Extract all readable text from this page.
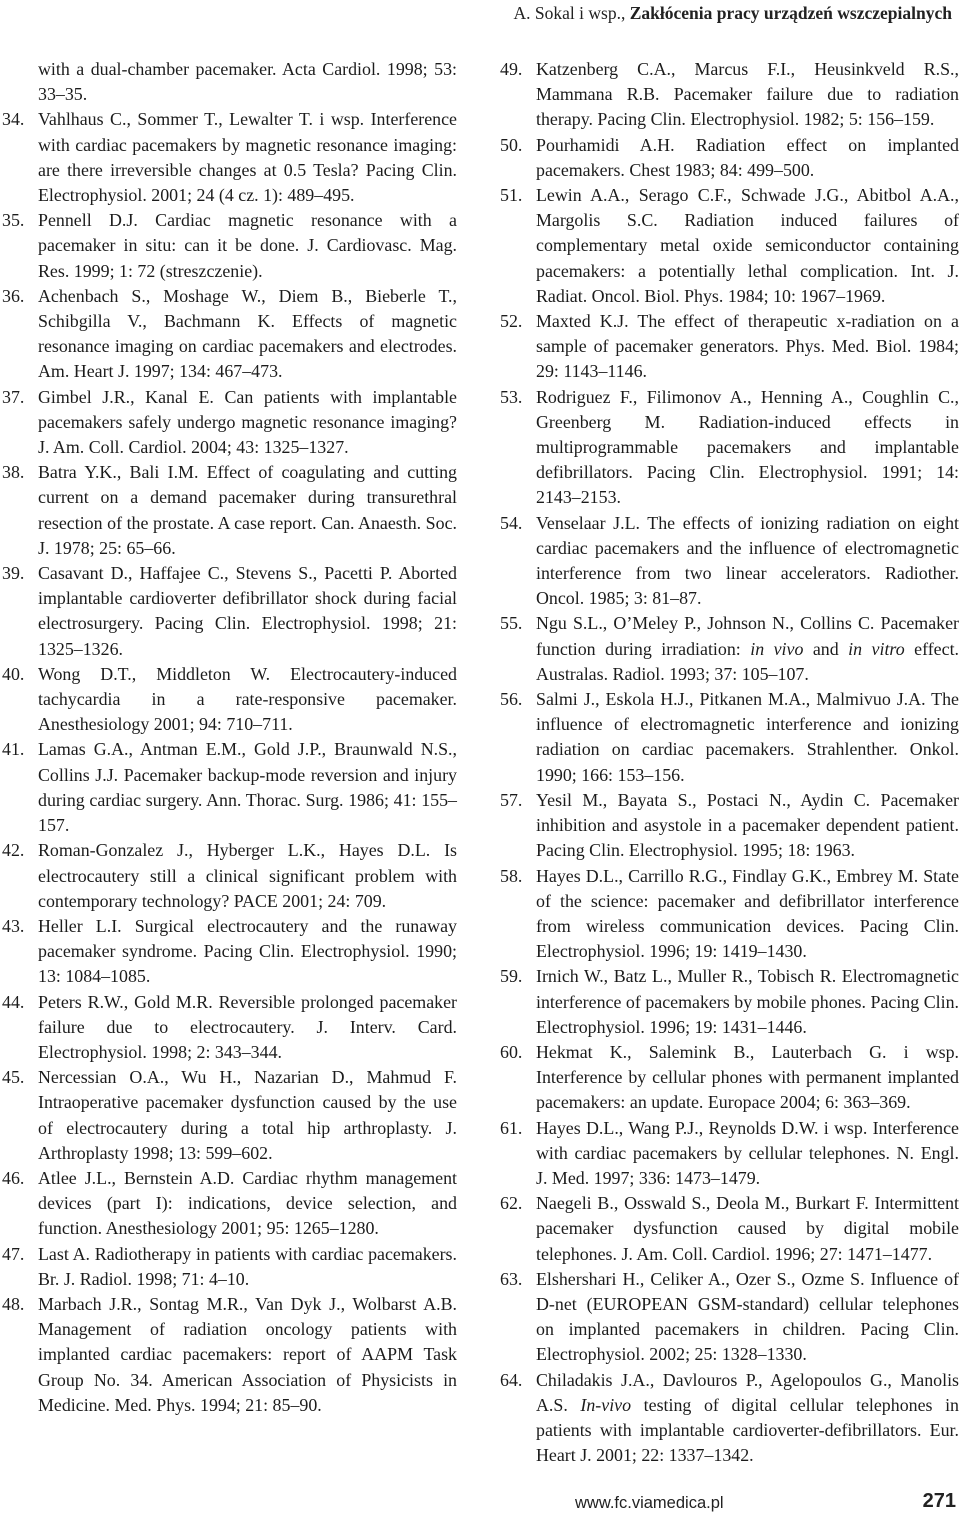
A. Sokal i wsp., Zakłócenia pracy urządzeń wszczepialnych
with a dual-chamber pacemaker. Acta Cardiol. 1998; 53: 33–35.
34. Vahlhaus C., Sommer T., Lewalter T. i wsp. Interference with cardiac pacemakers by magnetic resonance imaging: are there irreversible changes at 0.5 Tesla? Pacing Clin. Electrophysiol. 2001; 24 (4 cz. 1): 489–495.
35. Pennell D.J. Cardiac magnetic resonance with a pacemaker in situ: can it be done. J. Cardiovasc. Mag. Res. 1999; 1: 72 (streszczenie).
36. Achenbach S., Moshage W., Diem B., Bieberle T., Schibgilla V., Bachmann K. Effects of magnetic resonance imaging on cardiac pacemakers and electrodes. Am. Heart J. 1997; 134: 467–473.
37. Gimbel J.R., Kanal E. Can patients with implantable pacemakers safely undergo magnetic resonance imaging? J. Am. Coll. Cardiol. 2004; 43: 1325–1327.
38. Batra Y.K., Bali I.M. Effect of coagulating and cutting current on a demand pacemaker during transurethral resection of the prostate. A case report. Can. Anaesth. Soc. J. 1978; 25: 65–66.
39. Casavant D., Haffajee C., Stevens S., Pacetti P. Aborted implantable cardioverter defibrillator shock during facial electrosurgery. Pacing Clin. Electrophysiol. 1998; 21: 1325–1326.
40. Wong D.T., Middleton W. Electrocautery-induced tachycardia in a rate-responsive pacemaker. Anesthesiology 2001; 94: 710–711.
41. Lamas G.A., Antman E.M., Gold J.P., Braunwald N.S., Collins J.J. Pacemaker backup-mode reversion and injury during cardiac surgery. Ann. Thorac. Surg. 1986; 41: 155–157.
42. Roman-Gonzalez J., Hyberger L.K., Hayes D.L. Is electrocautery still a clinical significant problem with contemporary technology? PACE 2001; 24: 709.
43. Heller L.I. Surgical electrocautery and the runaway pacemaker syndrome. Pacing Clin. Electrophysiol. 1990; 13: 1084–1085.
44. Peters R.W., Gold M.R. Reversible prolonged pacemaker failure due to electrocautery. J. Interv. Card. Electrophysiol. 1998; 2: 343–344.
45. Nercessian O.A., Wu H., Nazarian D., Mahmud F. Intraoperative pacemaker dysfunction caused by the use of electrocautery during a total hip arthroplasty. J. Arthroplasty 1998; 13: 599–602.
46. Atlee J.L., Bernstein A.D. Cardiac rhythm management devices (part I): indications, device selection, and function. Anesthesiology 2001; 95: 1265–1280.
47. Last A. Radiotherapy in patients with cardiac pacemakers. Br. J. Radiol. 1998; 71: 4–10.
48. Marbach J.R., Sontag M.R., Van Dyk J., Wolbarst A.B. Management of radiation oncology patients with implanted cardiac pacemakers: report of AAPM Task Group No. 34. American Association of Physicists in Medicine. Med. Phys. 1994; 21: 85–90.
49. Katzenberg C.A., Marcus F.I., Heusinkveld R.S., Mammana R.B. Pacemaker failure due to radiation therapy. Pacing Clin. Electrophysiol. 1982; 5: 156–159.
50. Pourhamidi A.H. Radiation effect on implanted pacemakers. Chest 1983; 84: 499–500.
51. Lewin A.A., Serago C.F., Schwade J.G., Abitbol A.A., Margolis S.C. Radiation induced failures of complementary metal oxide semiconductor containing pacemakers: a potentially lethal complication. Int. J. Radiat. Oncol. Biol. Phys. 1984; 10: 1967–1969.
52. Maxted K.J. The effect of therapeutic x-radiation on a sample of pacemaker generators. Phys. Med. Biol. 1984; 29: 1143–1146.
53. Rodriguez F., Filimonov A., Henning A., Coughlin C., Greenberg M. Radiation-induced effects in multiprogrammable pacemakers and implantable defibrillators. Pacing Clin. Electrophysiol. 1991; 14: 2143–2153.
54. Venselaar J.L. The effects of ionizing radiation on eight cardiac pacemakers and the influence of electromagnetic interference from two linear accelerators. Radiother. Oncol. 1985; 3: 81–87.
55. Ngu S.L., O’Meley P., Johnson N., Collins C. Pacemaker function during irradiation: in vivo and in vitro effect. Australas. Radiol. 1993; 37: 105–107.
56. Salmi J., Eskola H.J., Pitkanen M.A., Malmivuo J.A. The influence of electromagnetic interference and ionizing radiation on cardiac pacemakers. Strahlenther. Onkol. 1990; 166: 153–156.
57. Yesil M., Bayata S., Postaci N., Aydin C. Pacemaker inhibition and asystole in a pacemaker dependent patient. Pacing Clin. Electrophysiol. 1995; 18: 1963.
58. Hayes D.L., Carrillo R.G., Findlay G.K., Embrey M. State of the science: pacemaker and defibrillator interference from wireless communication devices. Pacing Clin. Electrophysiol. 1996; 19: 1419–1430.
59. Irnich W., Batz L., Muller R., Tobisch R. Electromagnetic interference of pacemakers by mobile phones. Pacing Clin. Electrophysiol. 1996; 19: 1431–1446.
60. Hekmat K., Salemink B., Lauterbach G. i wsp. Interference by cellular phones with permanent implanted pacemakers: an update. Europace 2004; 6: 363–369.
61. Hayes D.L., Wang P.J., Reynolds D.W. i wsp. Interference with cardiac pacemakers by cellular telephones. N. Engl. J. Med. 1997; 336: 1473–1479.
62. Naegeli B., Osswald S., Deola M., Burkart F. Intermittent pacemaker dysfunction caused by digital mobile telephones. J. Am. Coll. Cardiol. 1996; 27: 1471–1477.
63. Elshershari H., Celiker A., Ozer S., Ozme S. Influence of D-net (EUROPEAN GSM-standard) cellular telephones on implanted pacemakers in children. Pacing Clin. Electrophysiol. 2002; 25: 1328–1330.
64. Chiladakis J.A., Davlouros P., Agelopoulos G., Manolis A.S. In-vivo testing of digital cellular telephones in patients with implantable cardioverter-defibrillators. Eur. Heart J. 2001; 22: 1337–1342.
www.fc.viamedica.pl	271
